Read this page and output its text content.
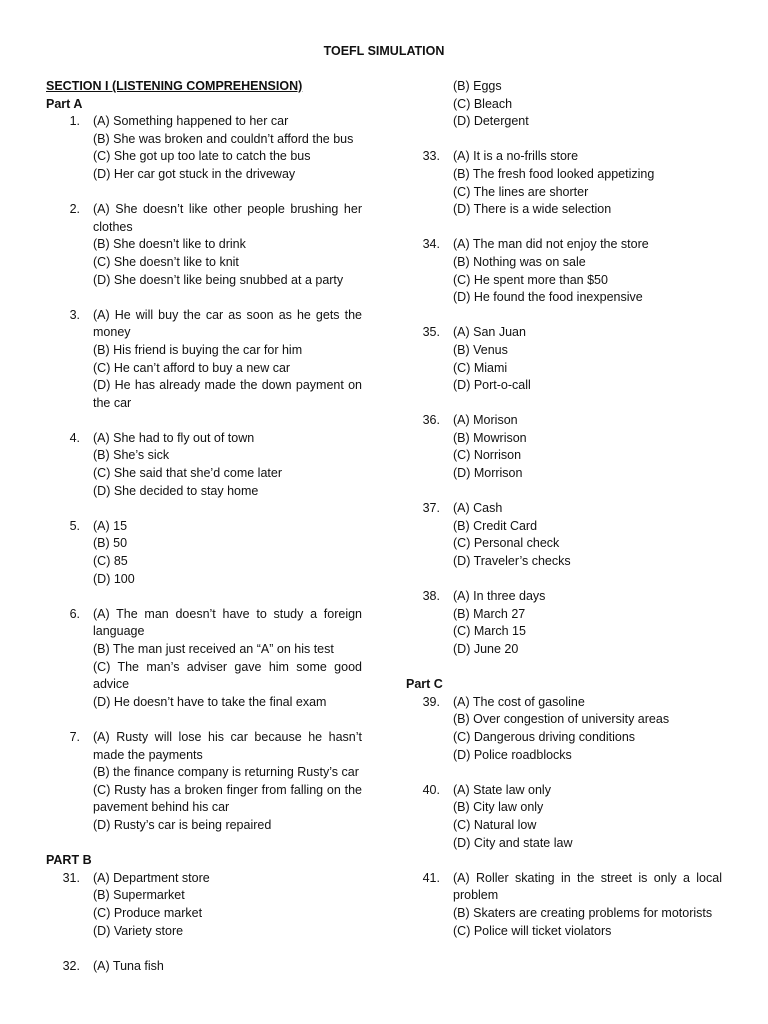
TOEFL SIMULATION
SECTION I (LISTENING COMPREHENSION)
Part A
1. (A) Something happened to her car
(B) She was broken and couldn’t afford the bus
(C) She got up too late to catch the bus
(D) Her car got stuck in the driveway
2. (A) She doesn’t like other people brushing her clothes
(B) She doesn’t like to drink
(C) She doesn’t like to knit
(D) She doesn’t like being snubbed at a party
3. (A) He will buy the car as soon as he gets the money
(B) His friend is buying the car for him
(C) He can’t afford to buy a new car
(D) He has already made the down payment on the car
4. (A) She had to fly out of town
(B) She’s sick
(C) She said that she’d come later
(D) She decided to stay home
5. (A) 15
(B) 50
(C) 85
(D) 100
6. (A) The man doesn’t have to study a foreign language
(B) The man just received an “A” on his test
(C) The man’s adviser gave him some good advice
(D) He doesn’t have to take the final exam
7. (A) Rusty will lose his car because he hasn’t made the payments
(B) the finance company is returning Rusty’s car
(C) Rusty has a broken finger from falling on the pavement behind his car
(D) Rusty’s car is being repaired
PART B
31. (A) Department store
(B) Supermarket
(C) Produce market
(D) Variety store
32. (A) Tuna fish
(B) Eggs
(C) Bleach
(D) Detergent
33. (A) It is a no-frills store
(B) The fresh food looked appetizing
(C) The lines are shorter
(D) There is a wide selection
34. (A) The man did not enjoy the store
(B) Nothing was on sale
(C) He spent more than $50
(D) He found the food inexpensive
35. (A) San Juan
(B) Venus
(C) Miami
(D) Port-o-call
36. (A) Morison
(B) Mowrison
(C) Norrison
(D) Morrison
37. (A) Cash
(B) Credit Card
(C) Personal check
(D) Traveler’s checks
38. (A) In three days
(B) March 27
(C) March 15
(D) June 20
Part C
39. (A) The cost of gasoline
(B) Over congestion of university areas
(C) Dangerous driving conditions
(D) Police roadblocks
40. (A) State law only
(B) City law only
(C) Natural low
(D) City and state law
41. (A) Roller skating in the street is only a local problem
(B) Skaters are creating problems for motorists
(C) Police will ticket violators
